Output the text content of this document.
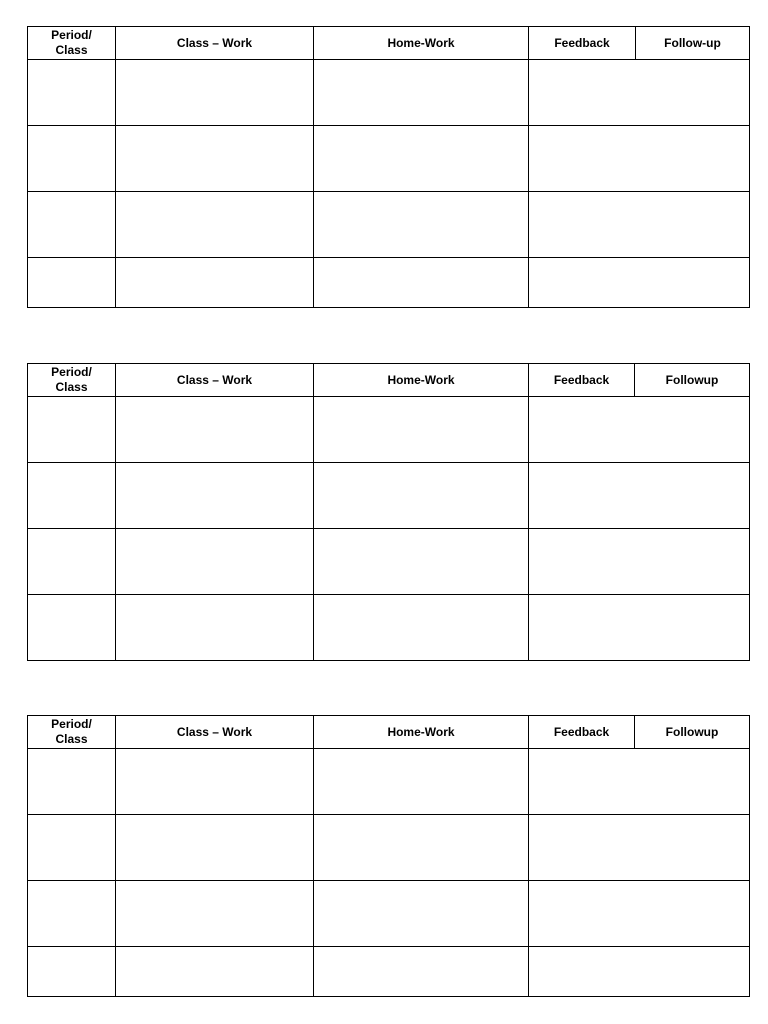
Period/
Class	Class – Work	Home-Work	Feedback	Follow-up

Period/
Class	Class – Work	Home-Work	Feedback	Followup

Period/
Class	Class – Work	Home-Work	Feedback	Followup
